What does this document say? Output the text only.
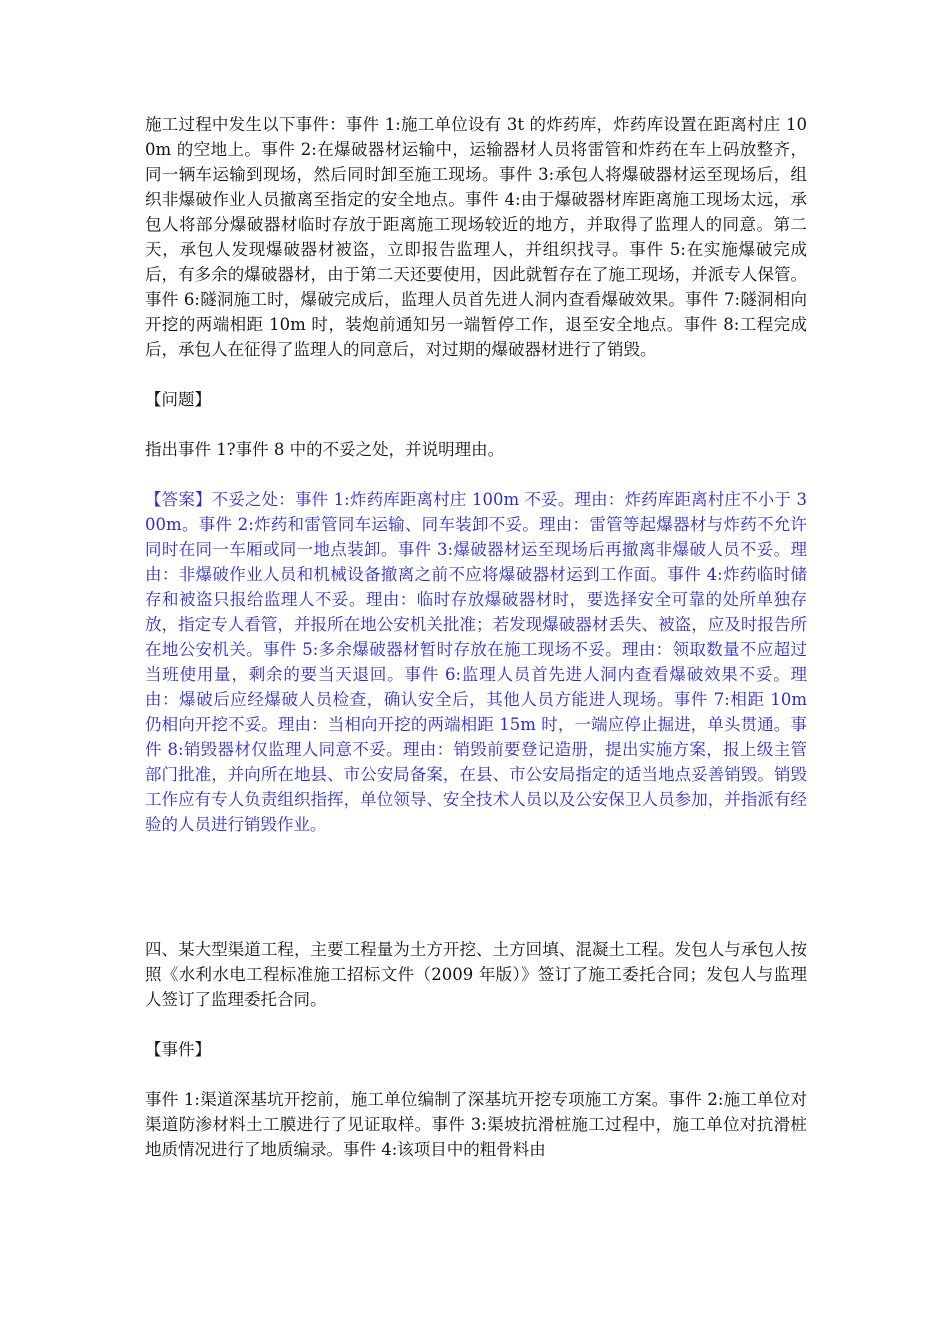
施工过程中发生以下事件：事件 1:施工单位设有 3t 的炸药库，炸药库设置在距离村庄 100m 的空地上。事件 2:在爆破器材运输中，运输器材人员将雷管和炸药在车上码放整齐，同一辆车运输到现场，然后同时卸至施工现场。事件 3:承包人将爆破器材运至现场后，组织非爆破作业人员撤离至指定的安全地点。事件 4:由于爆破器材库距离施工现场太远，承包人将部分爆破器材临时存放于距离施工现场较近的地方，并取得了监理人的同意。第二天，承包人发现爆破器材被盗，立即报告监理人，并组织找寻。事件 5:在实施爆破完成后，有多余的爆破器材，由于第二天还要使用，因此就暂存在了施工现场，并派专人保管。事件 6:隧洞施工时，爆破完成后，监理人员首先进人洞内查看爆破效果。事件 7:隧洞相向开挖的两端相距 10m 时，装炮前通知另一端暂停工作，退至安全地点。事件 8:工程完成后，承包人在征得了监理人的同意后，对过期的爆破器材进行了销毁。

【问题】

指出事件 1?事件 8 中的不妥之处，并说明理由。

【答案】不妥之处：事件 1:炸药库距离村庄 100m 不妥。理由：炸药库距离村庄不小于 300m。事件 2:炸药和雷管同车运输、同车装卸不妥。理由：雷管等起爆器材与炸药不允许同时在同一车厢或同一地点装卸。事件 3:爆破器材运至现场后再撤离非爆破人员不妥。理由：非爆破作业人员和机械设备撤离之前不应将爆破器材运到工作面。事件 4:炸药临时储存和被盗只报给监理人不妥。理由：临时存放爆破器材时，要选择安全可靠的处所单独存放，指定专人看管，并报所在地公安机关批准；若发现爆破器材丢失、被盗，应及时报告所在地公安机关。事件 5:多余爆破器材暂时存放在施工现场不妥。理由：领取数量不应超过当班使用量，剩余的要当天退回。事件 6:监理人员首先进人洞内查看爆破效果不妥。理由：爆破后应经爆破人员检查，确认安全后，其他人员方能进人现场。事件 7:相距 10m 仍相向开挖不妥。理由：当相向开挖的两端相距 15m 时，一端应停止掘进，单头贯通。事件 8:销毁器材仅监理人同意不妥。理由：销毁前要登记造册，提出实施方案，报上级主管部门批准，并向所在地县、市公安局备案，在县、市公安局指定的适当地点妥善销毁。销毁工作应有专人负责组织指挥，单位领导、安全技术人员以及公安保卫人员参加，并指派有经验的人员进行销毁作业。

四、某大型渠道工程，主要工程量为土方开挖、土方回填、混凝土工程。发包人与承包人按照《水利水电工程标准施工招标文件（2009 年版）》签订了施工委托合同；发包人与监理人签订了监理委托合同。

【事件】

事件 1:渠道深基坑开挖前，施工单位编制了深基坑开挖专项施工方案。事件 2:施工单位对渠道防渗材料土工膜进行了见证取样。事件 3:渠坡抗滑桩施工过程中，施工单位对抗滑桩地质情况进行了地质编录。事件 4:该项目中的粗骨料由
